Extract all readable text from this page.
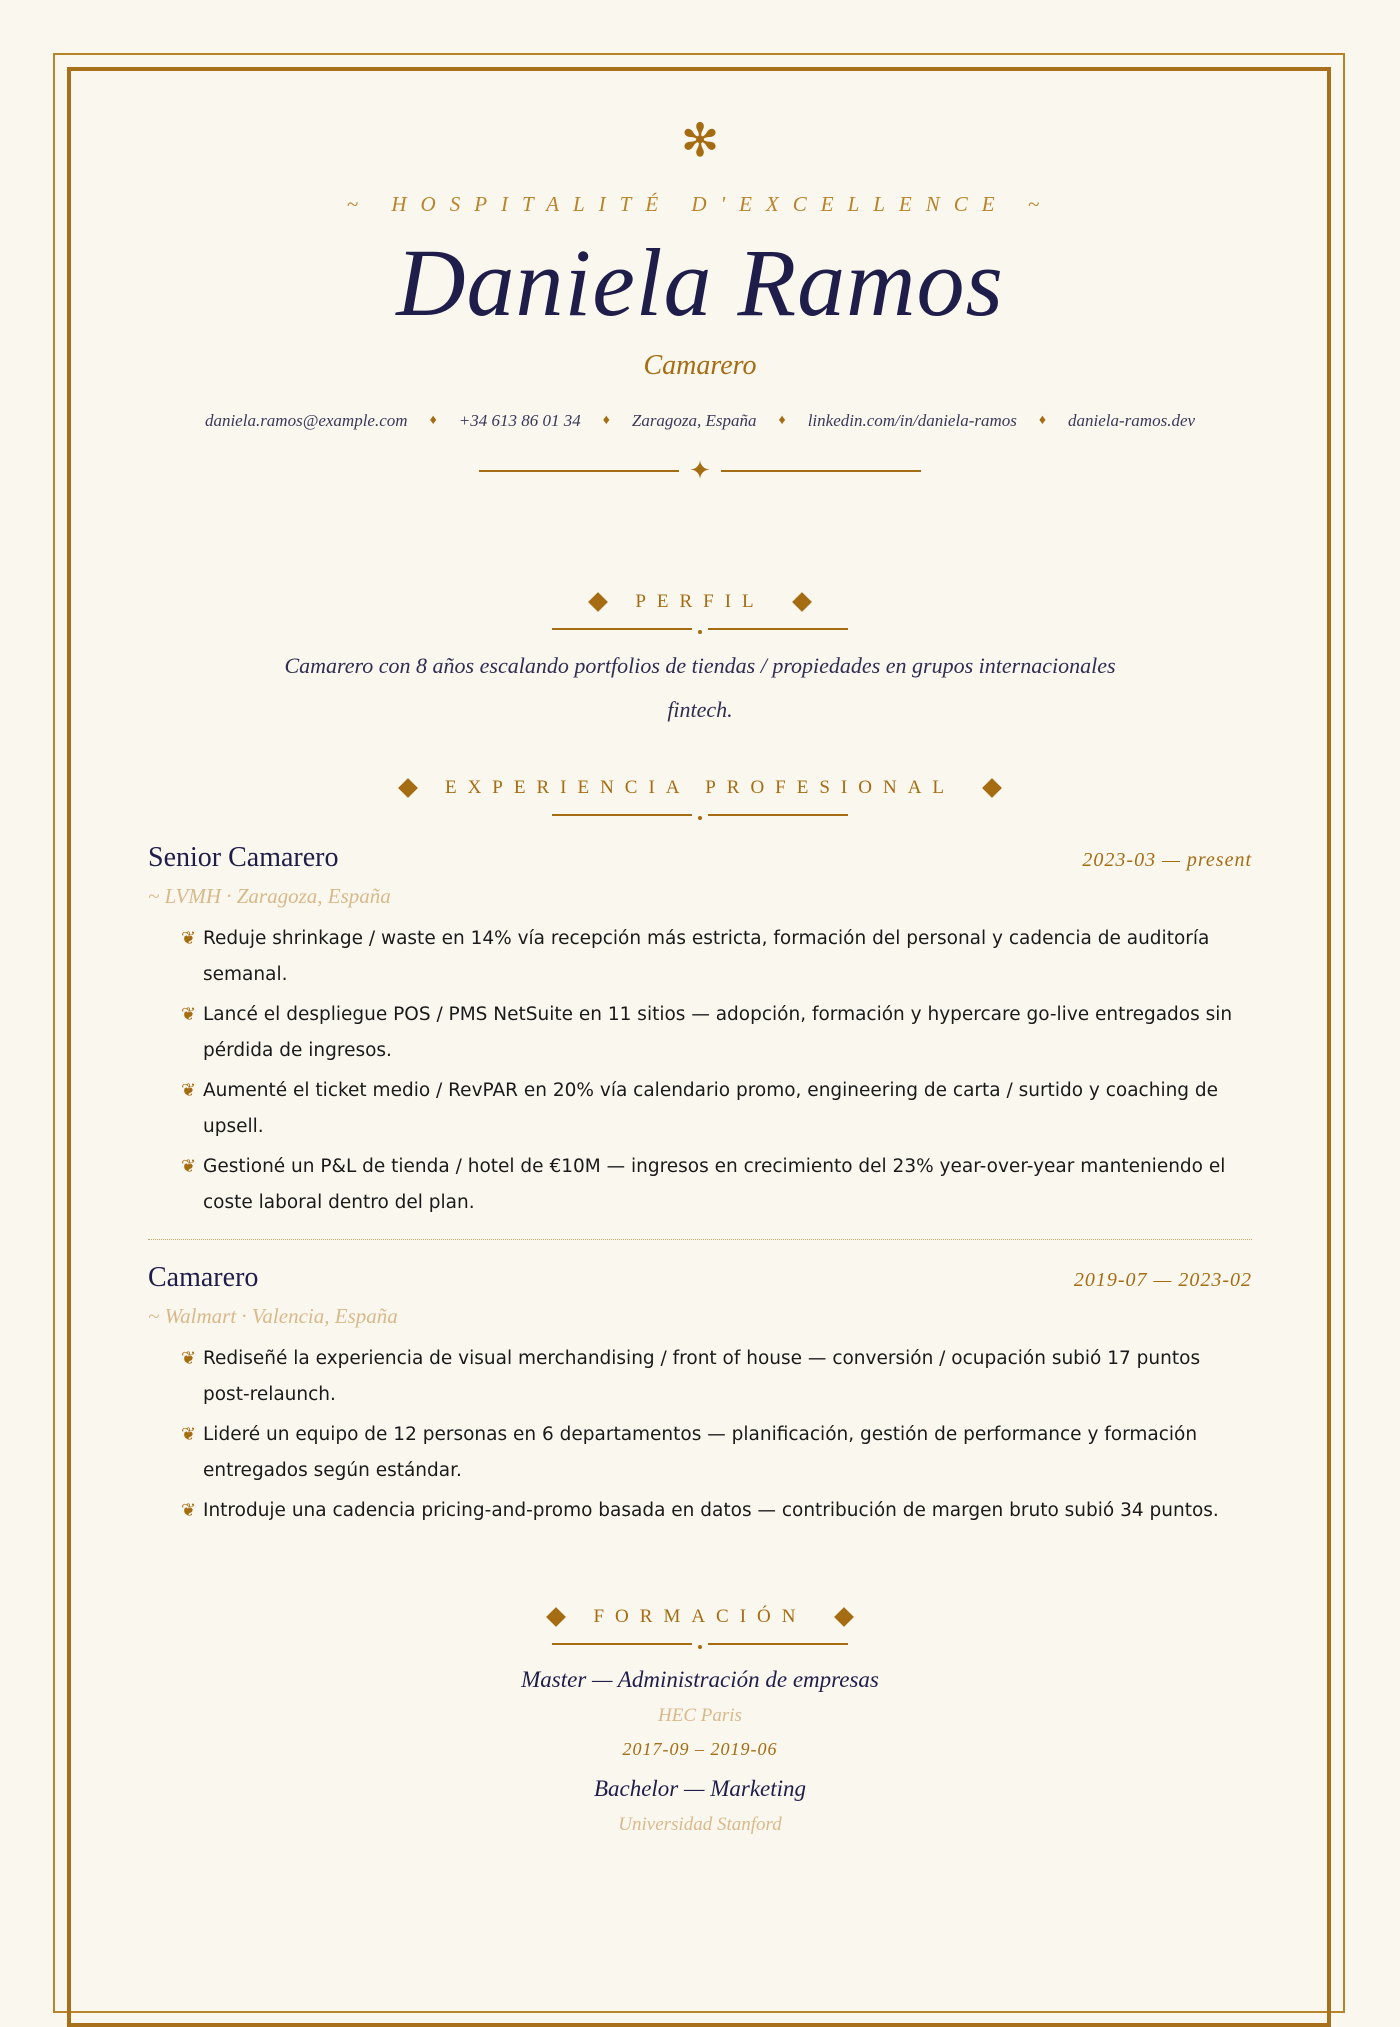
✻
~ HOSPITALITÉ D'EXCELLENCE ~
Daniela Ramos
Camarero
daniela.ramos@example.com ♦ +34 613 86 01 34 ♦ Zaragoza, España ♦ linkedin.com/in/daniela-ramos ♦ daniela-ramos.dev
✦
PERFIL
Camarero con 8 años escalando portfolios de tiendas / propiedades en grupos internacionales fintech.
EXPERIENCIA PROFESIONAL
Senior Camarero	2023-03 — present
~ LVMH · Zaragoza, España
❦ Reduje shrinkage / waste en 14% vía recepción más estricta, formación del personal y cadencia de auditoría semanal.
❦ Lancé el despliegue POS / PMS NetSuite en 11 sitios — adopción, formación y hypercare go-live entregados sin pérdida de ingresos.
❦ Aumenté el ticket medio / RevPAR en 20% vía calendario promo, engineering de carta / surtido y coaching de upsell.
❦ Gestioné un P&L de tienda / hotel de €10M — ingresos en crecimiento del 23% year-over-year manteniendo el coste laboral dentro del plan.
Camarero	2019-07 — 2023-02
~ Walmart · Valencia, España
❦ Rediseñé la experiencia de visual merchandising / front of house — conversión / ocupación subió 17 puntos post-relaunch.
❦ Lideré un equipo de 12 personas en 6 departamentos — planificación, gestión de performance y formación entregados según estándar.
❦ Introduje una cadencia pricing-and-promo basada en datos — contribución de margen bruto subió 34 puntos.
FORMACIÓN
Master — Administración de empresas
HEC Paris
2017-09 – 2019-06
Bachelor — Marketing
Universidad Stanford
